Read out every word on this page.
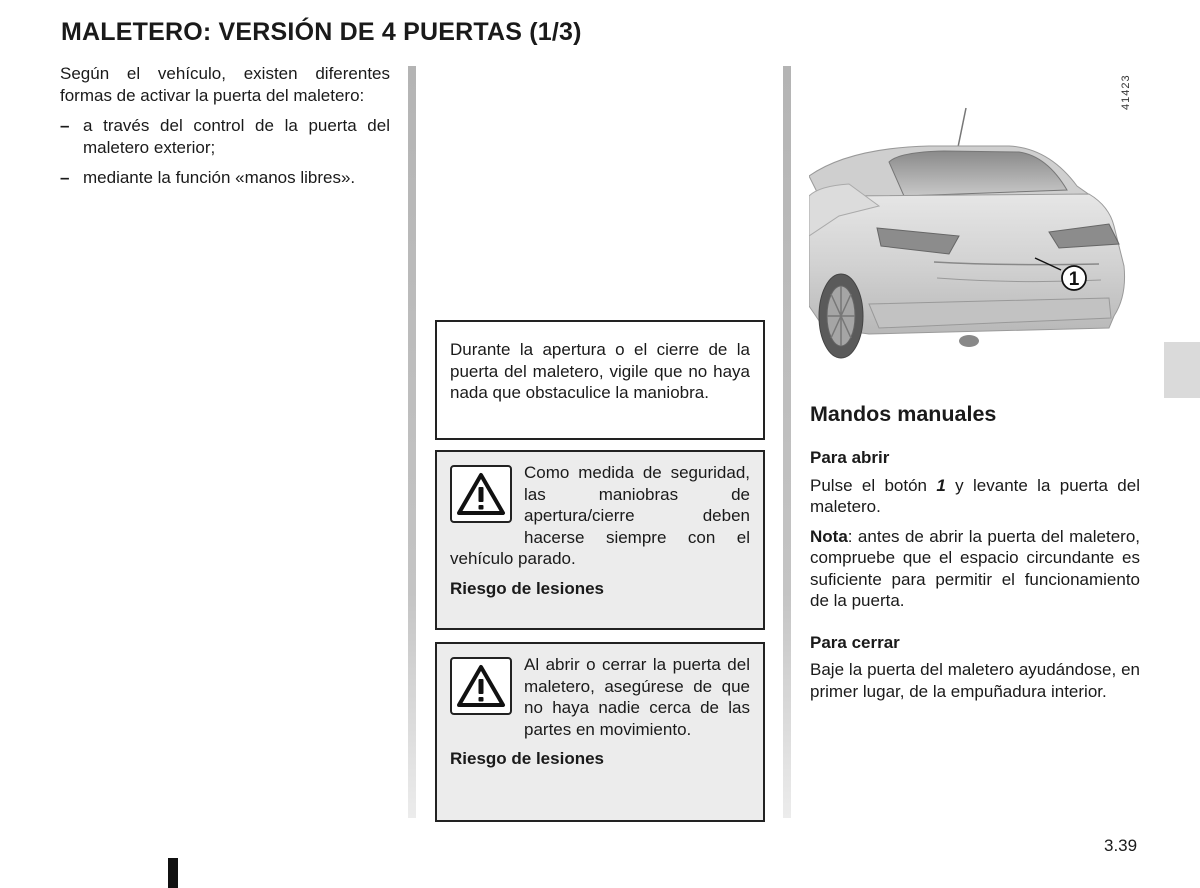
MALETERO: VERSIÓN DE 4 PUERTAS (1/3)

Según el vehículo, existen diferentes formas de activar la puerta del maletero:

– a través del control de la puerta del maletero exterior;
– mediante la función «manos libres».

Durante la apertura o el cierre de la puerta del maletero, vigile que no haya nada que obstaculice la maniobra.

Como medida de seguridad, las maniobras de apertura/cierre deben hacerse siempre con el vehículo parado.

Riesgo de lesiones

Al abrir o cerrar la puerta del maletero, asegúrese de que no haya nadie cerca de las partes en movimiento.

Riesgo de lesiones
1
41423
Mandos manuales
Para abrir

Pulse el botón 1 y levante la puerta del maletero.

Nota: antes de abrir la puerta del maletero, compruebe que el espacio circundante es suficiente para permitir el funcionamiento de la puerta.

Para cerrar

Baje la puerta del maletero ayudándose, en primer lugar, de la empuñadura interior.

3.39
